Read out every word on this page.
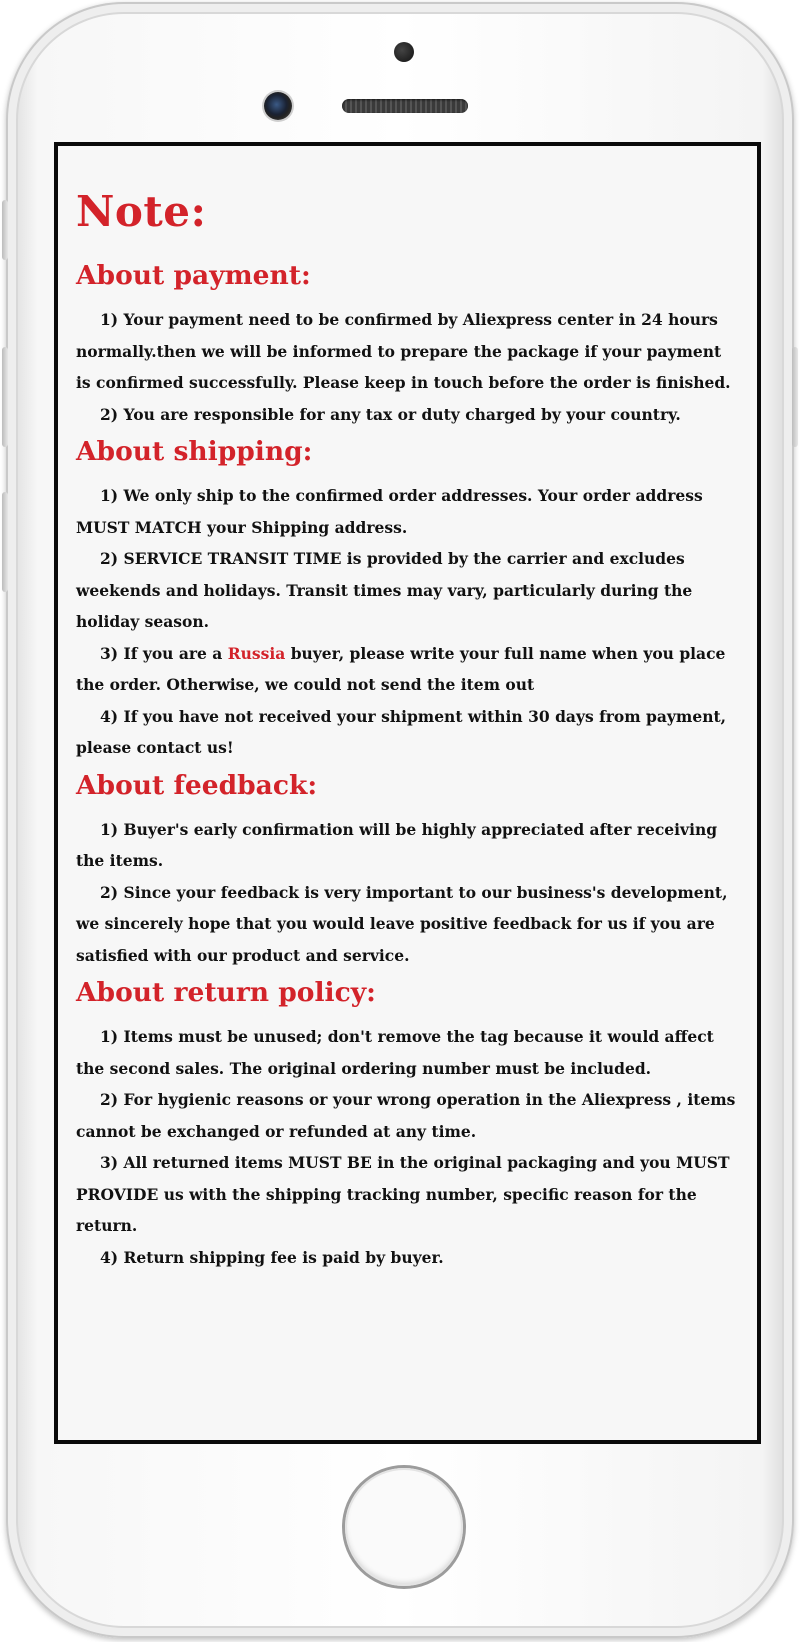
Note:
About payment:

1) Your payment need to be confirmed by Aliexpress center in 24 hours normally.then we will be informed to prepare the package if your payment is confirmed successfully. Please keep in touch before the order is finished.

2) You are responsible for any tax or duty charged by your country.

About shipping:

1) We only ship to the confirmed order addresses. Your order address MUST MATCH your Shipping address.

2) SERVICE TRANSIT TIME is provided by the carrier and excludes weekends and holidays. Transit times may vary, particularly during the holiday season.

3) If you are a Russia buyer, please write your full name when you place the order. Otherwise, we could not send the item out

4) If you have not received your shipment within 30 days from payment, please contact us!

About feedback:

1) Buyer's early confirmation will be highly appreciated after receiving the items.

2) Since your feedback is very important to our business's development, we sincerely hope that you would leave positive feedback for us if you are satisfied with our product and service.

About return policy:

1) Items must be unused; don't remove the tag because it would affect the second sales. The original ordering number must be included.

2) For hygienic reasons or your wrong operation in the Aliexpress , items cannot be exchanged or refunded at any time.

3) All returned items MUST BE in the original packaging and you MUST PROVIDE us with the shipping tracking number, specific reason for the return.

4) Return shipping fee is paid by buyer.
